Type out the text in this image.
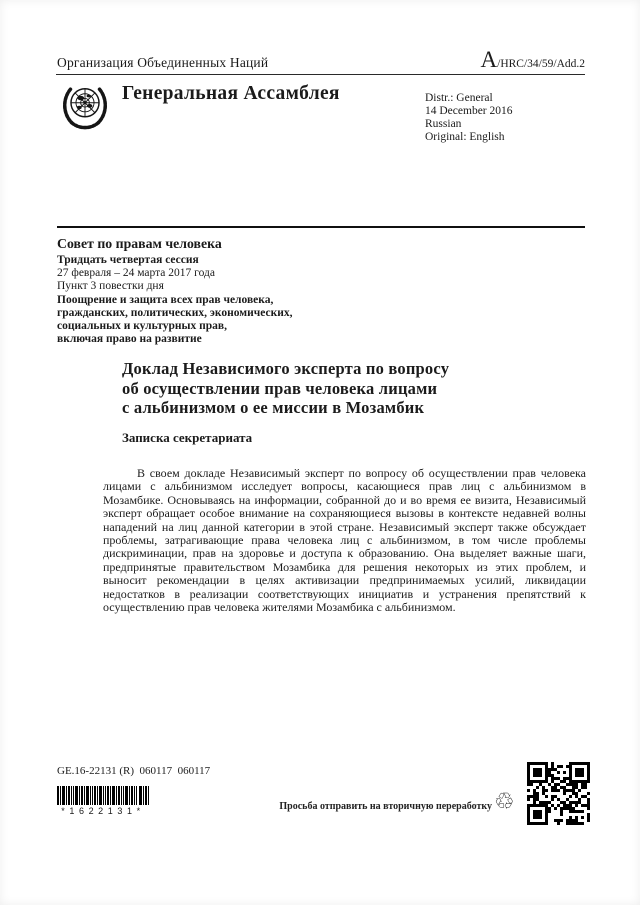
Организация Объединенных Наций	A/HRC/34/59/Add.2
Генеральная Ассамблея	Distr.: General
14 December 2016
Russian
Original: English
Совет по правам человека
Тридцать четвертая сессия
27 февраля – 24 марта 2017 года
Пункт 3 повестки дня
Поощрение и защита всех прав человека,
гражданских, политических, экономических,
социальных и культурных прав,
включая право на развитие
Доклад Независимого эксперта по вопросу
об осуществлении прав человека лицами
с альбинизмом о ее миссии в Мозамбик
Записка секретариата

В своем докладе Независимый эксперт по вопросу об осуществлении прав человека лицами с альбинизмом исследует вопросы, касающиеся прав лиц с альбинизмом в Мозамбике. Основываясь на информации, собранной до и во время ее визита, Независимый эксперт обращает особое внимание на сохраняющиеся вызовы в контексте недавней волны нападений на лиц данной категории в этой стране. Независимый эксперт также обсуждает проблемы, затрагивающие права человека лиц с альбинизмом, в том числе проблемы дискриминации, прав на здоровье и доступа к образованию. Она выделяет важные шаги, предпринятые правительством Мозамбика для решения некоторых из этих проблем, и выносит рекомендации в целях активизации предпринимаемых усилий, ликвидации недостатков в реализации соответствующих инициатив и устранения препятствий к осуществлению прав человека жителями Мозамбика с альбинизмом.

GE.16-22131 (R)  060117  060117
*1622131*	Просьба отправить на вторичную переработку ♲
